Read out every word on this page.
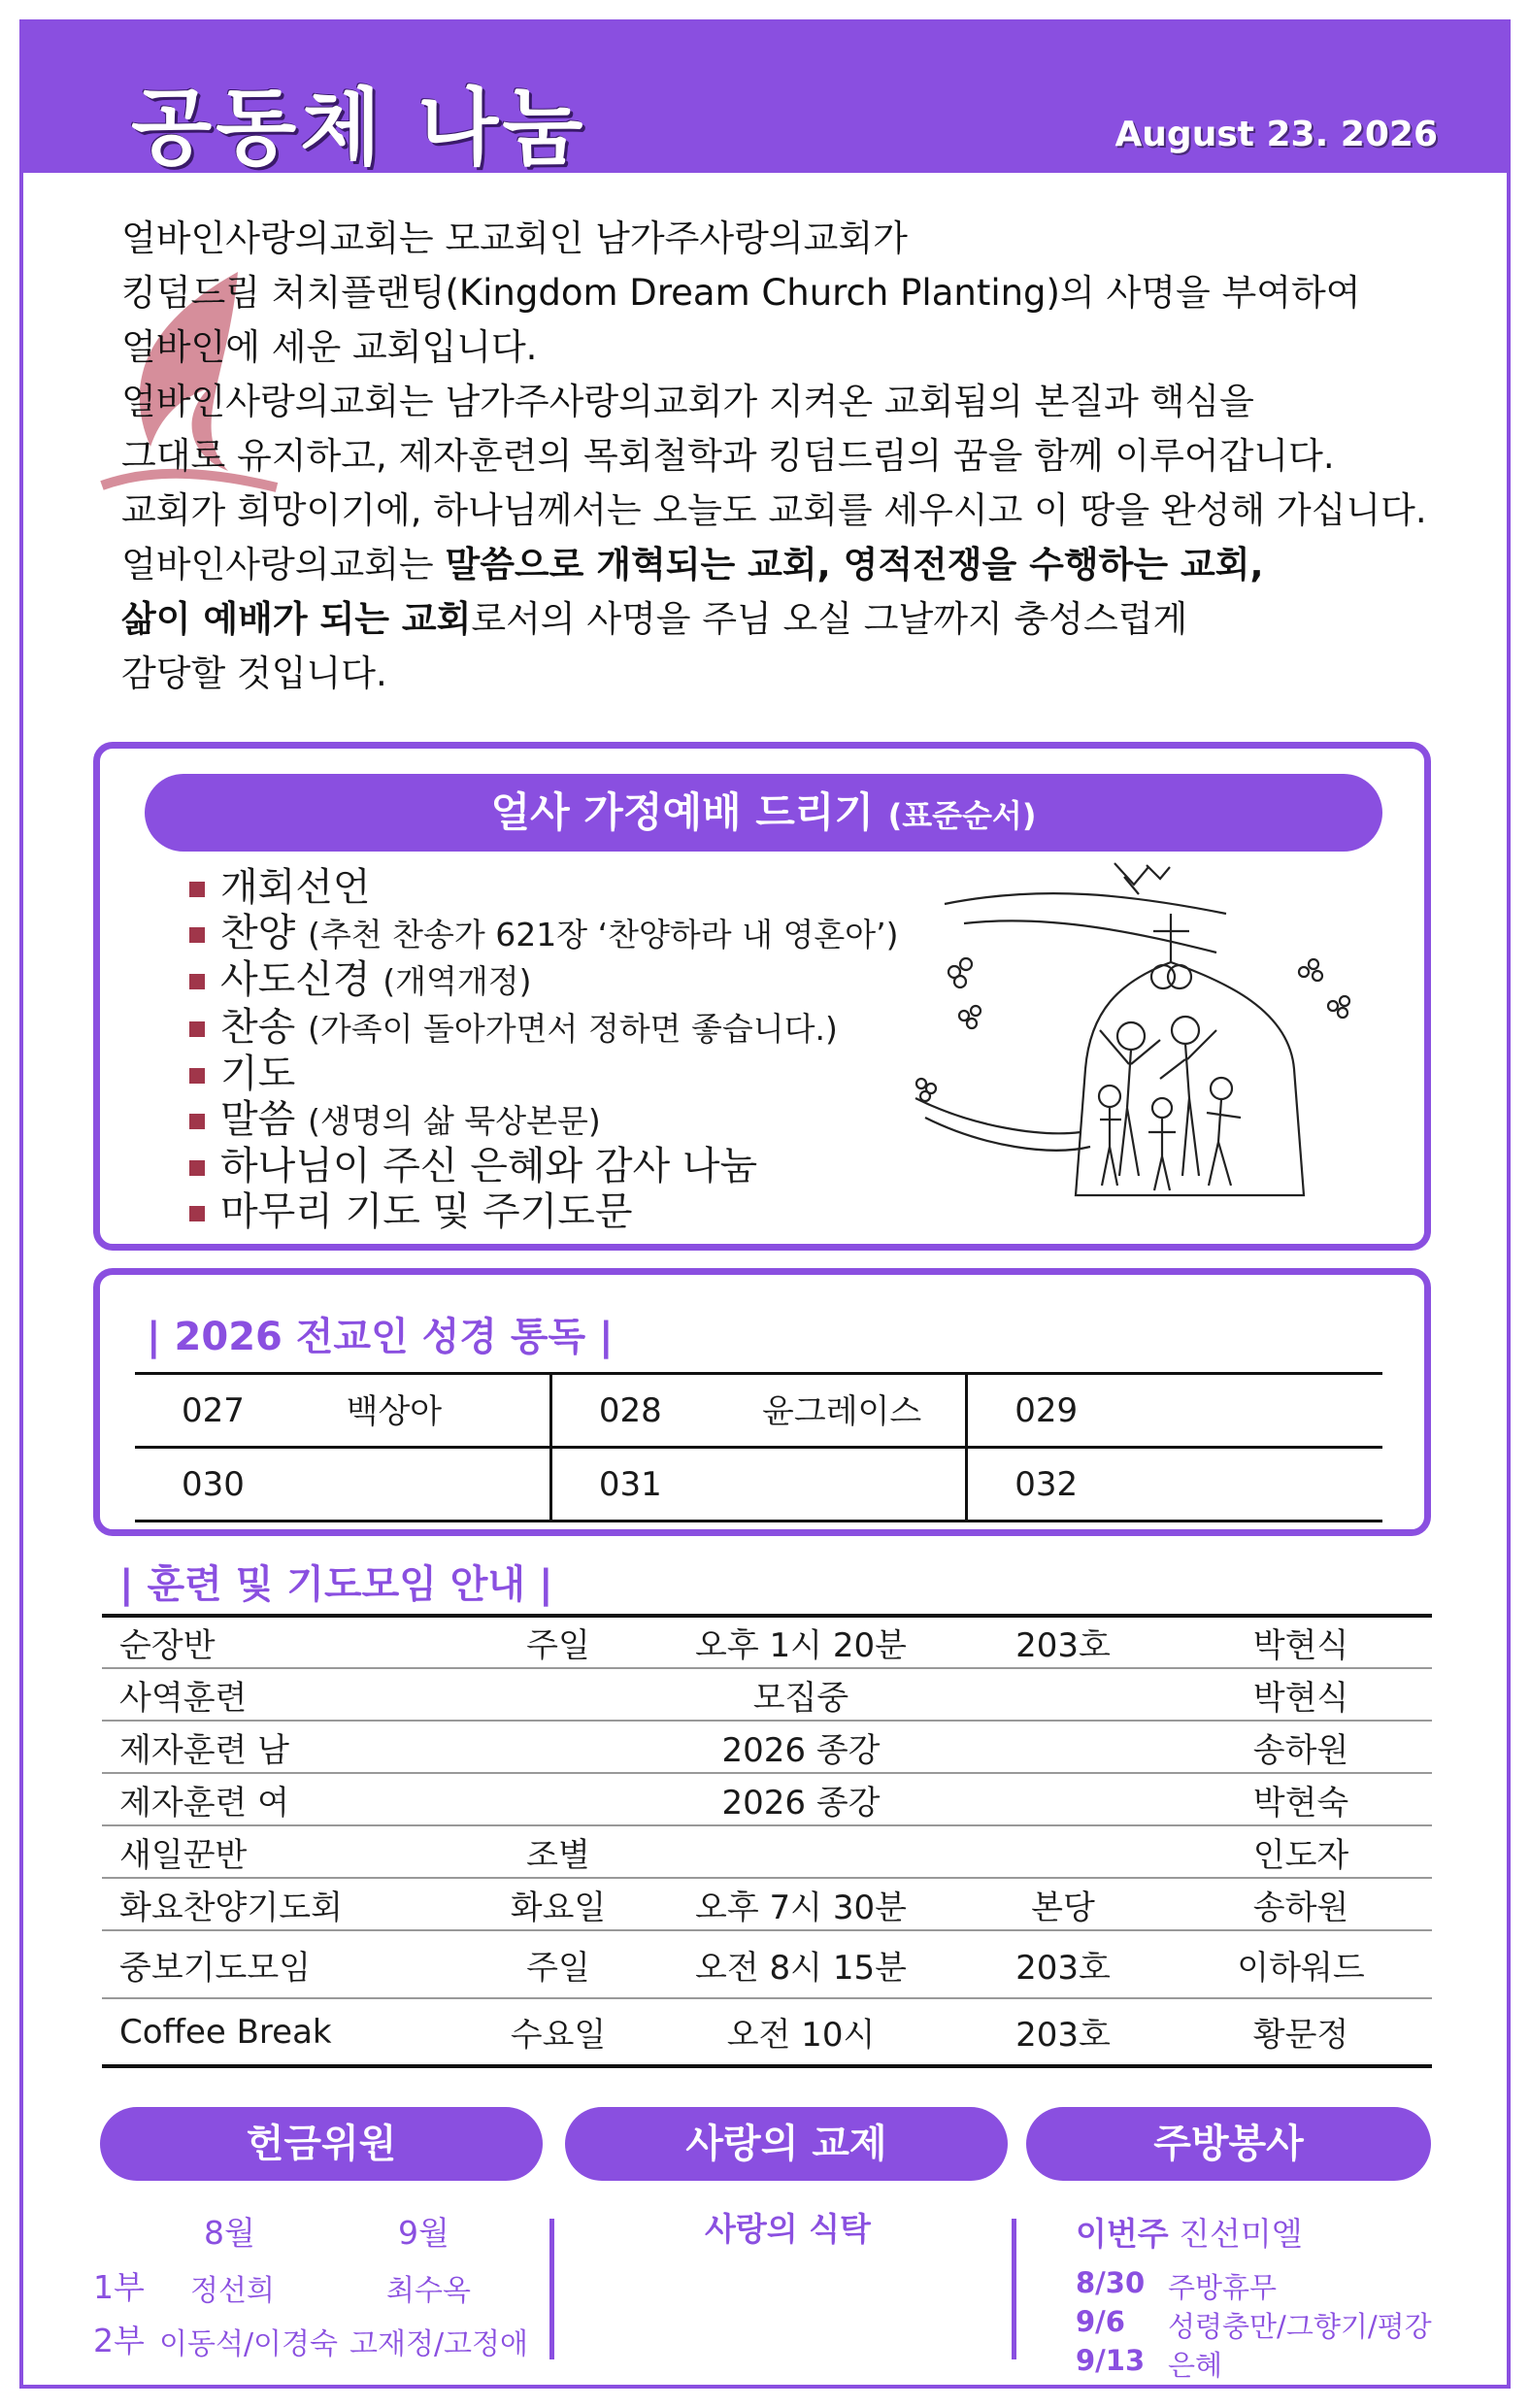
공동체 나눔	August 23. 2026

얼바인사랑의교회는 모교회인 남가주사랑의교회가

킹덤드림 처치플랜팅(Kingdom Dream Church Planting)의 사명을 부여하여

얼바인에 세운 교회입니다.

얼바인사랑의교회는 남가주사랑의교회가 지켜온 교회됨의 본질과 핵심을

그대로 유지하고, 제자훈련의 목회철학과 킹덤드림의 꿈을 함께 이루어갑니다.

교회가 희망이기에, 하나님께서는 오늘도 교회를 세우시고 이 땅을 완성해 가십니다.

얼바인사랑의교회는 말씀으로 개혁되는 교회, 영적전쟁을 수행하는 교회,

삶이 예배가 되는 교회로서의 사명을 주님 오실 그날까지 충성스럽게

감당할 것입니다.

얼사 가정예배 드리기 (표준순서)
개회선언
찬양 (추천 찬송가 621장 ‘찬양하라 내 영혼아’)
사도신경 (개역개정)
찬송 (가족이 돌아가면서 정하면 좋습니다.)
기도
말씀 (생명의 삶 묵상본문)
하나님이 주신 은혜와 감사 나눔
마무리 기도 및 주기도문
| 2026 전교인 성경 통독 |
027	백상아	028	윤그레이스	029	
030		031		032	
| 훈련 및 기도모임 안내 |
순장반	주일	오후 1시 20분	203호	박현식
사역훈련		모집중		박현식
제자훈련 남		2026 종강		송하원
제자훈련 여		2026 종강		박현숙
새일꾼반	조별			인도자
화요찬양기도회	화요일	오후 7시 30분	본당	송하원
중보기도모임	주일	오전 8시 15분	203호	이하워드
Coffee Break	수요일	오전 10시	203호	황문정
헌금위원	사랑의 교제	주방봉사
8월	9월
1부 정선희	최수옥
2부 이동석/이경숙 고재정/고정애
사랑의 식탁	이번주 진선미엘
8/30 주방휴무
9/6 성령충만/그향기/평강
9/13 은혜
